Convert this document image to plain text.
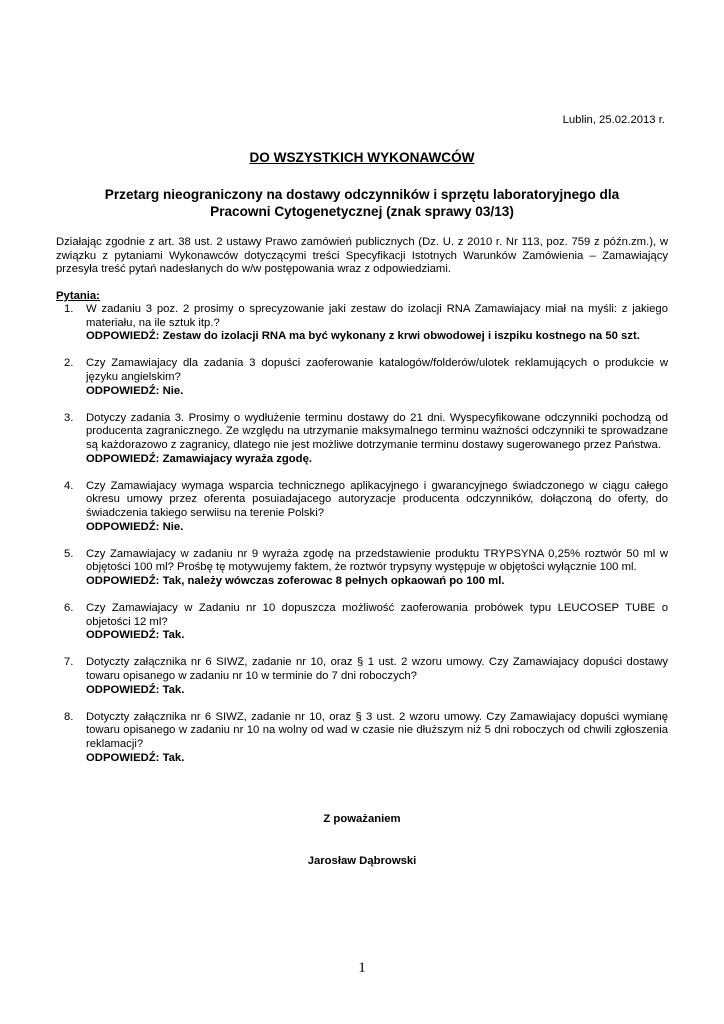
Lublin, 25.02.2013 r.
DO WSZYSTKICH WYKONAWCÓW
Przetarg nieograniczony na dostawy odczynników i sprzętu laboratoryjnego dla
Pracowni Cytogenetycznej (znak sprawy 03/13)
Działając zgodnie z art. 38 ust. 2 ustawy Prawo zamówień publicznych (Dz. U. z 2010 r. Nr 113, poz. 759 z późn.zm.), w związku z pytaniami Wykonawców dotyczącymi treści Specyfikacji Istotnych Warunków Zamówienia – Zamawiający przesyła treść pytań nadesłanych do w/w postępowania wraz z odpowiedziami.
Pytania:
1. W zadaniu 3 poz. 2 prosimy o sprecyzowanie jaki zestaw do izolacji RNA Zamawiajacy miał na myśli: z jakiego materiału, na ile sztuk itp.?
ODPOWIEDŹ: Zestaw do izolacji RNA ma być wykonany z krwi obwodowej i iszpiku kostnego na 50 szt.
2. Czy Zamawiajacy dla zadania 3 dopuści zaoferowanie katalogów/folderów/ulotek reklamujących o produkcie w języku angielskim?
ODPOWIEDŹ: Nie.
3. Dotyczy zadania 3. Prosimy o wydłużenie terminu dostawy do 21 dni. Wyspecyfikowane odczynniki pochodzą od producenta zagranicznego. Ze względu na utrzymanie maksymalnego terminu ważności odczynniki te sprowadzane są każdorazowo z zagranicy, dlatego nie jest możliwe dotrzymanie terminu dostawy sugerowanego przez Państwa.
ODPOWIEDŹ: Zamawiajacy wyraża zgodę.
4. Czy Zamawiajacy wymaga wsparcia technicznego aplikacyjnego i gwarancyjnego świadczonego w ciągu całego okresu umowy przez oferenta posuiadajacego autoryzacje producenta odczynników, dołączoną do oferty, do świadczenia takiego serwiisu na terenie Polski?
ODPOWIEDŹ: Nie.
5. Czy Zamawiajacy w zadaniu nr 9 wyraża zgodę na przedstawienie produktu TRYPSYNA 0,25% roztwór 50 ml w objętości 100 ml? Prośbę tę motywujemy faktem, że roztwór trypsyny występuje w objętości wyłącznie 100 ml.
ODPOWIEDŹ: Tak, należy wówczas zoferowac 8 pełnych opkaowań po 100 ml.
6. Czy Zamawiajacy w Zadaniu nr 10 dopuszcza możliwość zaoferowania probówek typu LEUCOSEP TUBE o objetości 12 ml?
ODPOWIEDŹ: Tak.
7. Dotyczty załącznika nr 6 SIWZ, zadanie nr 10, oraz § 1 ust. 2 wzoru umowy. Czy Zamawiajacy dopuści dostawy towaru opisanego w zadaniu nr 10 w terminie do 7 dni roboczych?
ODPOWIEDŹ: Tak.
8. Dotyczty załącznika nr 6 SIWZ, zadanie nr 10, oraz § 3 ust. 2 wzoru umowy. Czy Zamawiajacy dopuści wymianę towaru opisanego w zadaniu nr 10 na wolny od wad w czasie nie dłuższym niż 5 dni roboczych od chwili zgłoszenia reklamacji?
ODPOWIEDŹ: Tak.
Z poważaniem
Jarosław Dąbrowski
1
